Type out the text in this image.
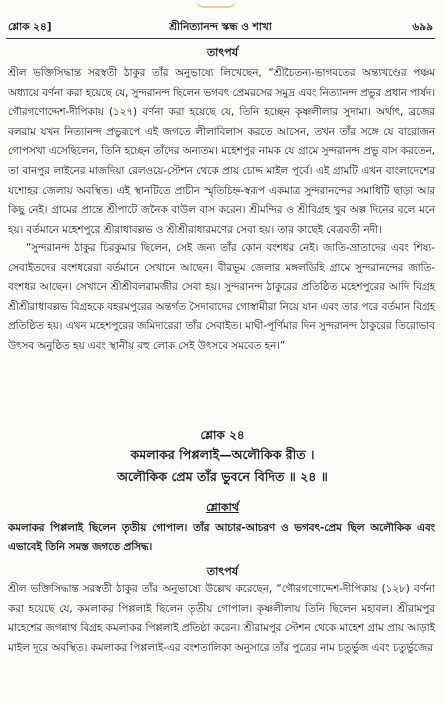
শ্লোক ২৪]	শ্রীনিত্যানন্দ স্কন্ধ ও শাখা	৬৯৯
তাৎপর্য
শ্রীল ভক্তিসিদ্ধান্ত সরস্বতী ঠাকুর তাঁর অনুভাষ্যে লিখেছেন, “শ্রীচৈতন্য-ভাগবতের অন্ত্যখণ্ডের পঞ্চম অধ্যায়ে বর্ণনা করা হয়েছে যে, সুন্দরানন্দ ছিলেন ভগবৎ প্রেমরসের সমুদ্র এবং নিত্যানন্দ প্রভুর প্রধান পার্ষদ। গৌরগণোদ্দেশ-দীপিকায় (১২৭) বর্ণনা করা হয়েছে যে, তিনি হচ্ছেন কৃষ্ণলীলার সুদামা। অর্থাৎ, ব্রজের বলরাম যখন নিত্যানন্দ প্রভুরূপে এই জগতে লীলাবিলাস করতে আসেন, তখন তাঁর সঙ্গে যে বারোজন গোপসখা এসেছিলেন, তিনি হচ্ছেন তাঁদের অন্যতম। মহেশপুর নামক যে গ্রামে সুন্দরানন্দ প্রভু বাস করতেন, তা বানপুর লাইনের মাজদিয়া রেলওয়ে-স্টেশন থেকে প্রায় চোদ্দ মাইল পূর্বে। এই গ্রামটি এখন বাংলাদেশের যশোহর জেলায় অবস্থিত। এই স্থানটিতে প্রাচীন স্মৃতিচিহ্ন-স্বরূপ একমাত্র সুন্দরানন্দের সমাধিটি ছাড়া আর কিছু নেই। গ্রামের প্রান্তে শ্রীপাটে জনৈক বাউল বাস করেন। শ্রীমন্দির ও শ্রীবিগ্রহ খুব অল্প দিনের বলে মনে হয়। বর্তমানে মহেশপুরে শ্রীরাধাবল্লভ ও শ্রীশ্রীরাধারমণের সেবা হয়। তার কাছেই বেত্রবতী নদী।
“সুন্দরানন্দ ঠাকুর চিরকুমার ছিলেন, সেই জন্য তাঁর কোন বংশধর নেই। জাতি-ভ্রাতাদের এবং শিষ্য-সেবাইতদের বংশধরেরা বর্তমানে সেখানে আছেন। বীরভূম জেলার মঙ্গলডিহি গ্রামে সুন্দরানন্দের জাতি-বংশধর আছেন। সেখানে শ্রীশ্রীবলরামজীর সেবা হয়। সুন্দরানন্দ ঠাকুরের প্রতিষ্ঠিত মহেশপুরের আদি বিগ্রহ শ্রীশ্রীরাধাবল্লভ বিগ্রহকে বহরমপুরের অন্তর্গত সৈদাবাদের গোস্বামীরা নিয়ে যান এবং তার পরে বর্তমান বিগ্রহ প্রতিষ্ঠিত হয়। এখন মহেশপুরের জমিদারেরা তাঁর সেবাইত। মাঘী-পূর্ণিমার দিন সুন্দরানন্দ ঠাকুরের তিরোভাব উৎসব অনুষ্ঠিত হয় এবং স্থানীয় বহু লোক সেই উৎসবে সমবেত হন।”
শ্লোক ২৪
কমলাকর পিপ্পলাই—অলৌকিক রীত ।
অলৌকিক প্রেম তাঁর ভুবনে বিদিত ॥ ২৪ ॥
শ্লোকার্থ
কমলাকর পিপ্পলাই ছিলেন তৃতীয় গোপাল। তাঁর আচার-আচরণ ও ভগবৎ-প্রেম ছিল অলৌকিক এবং এভাবেই তিনি সমস্ত জগতে প্রসিদ্ধ।
তাৎপর্য
শ্রীল ভক্তিসিদ্ধান্ত সরস্বতী ঠাকুর তাঁর অনুভাষ্যে উল্লেখ করেছেন, “গৌরগণোদ্দেশ-দীপিকায় (১২৮) বর্ণনা করা হয়েছে যে, কমলাকর পিপ্পলাই ছিলেন তৃতীয় গোপাল। কৃষ্ণলীলায় তিনি ছিলেন মহাবল। শ্রীরামপুর মাহেশের জগন্নাথ বিগ্রহ কমলাকর পিপ্পলাই প্রতিষ্ঠা করেন। শ্রীরামপুর স্টেশন থেকে মাহেশ গ্রাম প্রায় আড়াই মাইল দূরে অবস্থিত। কমলাকর পিপ্পলাই-এর বংশতালিকা অনুসারে তাঁর পুত্রের নাম চতুর্ভুজ এবং চতুর্ভুজের
